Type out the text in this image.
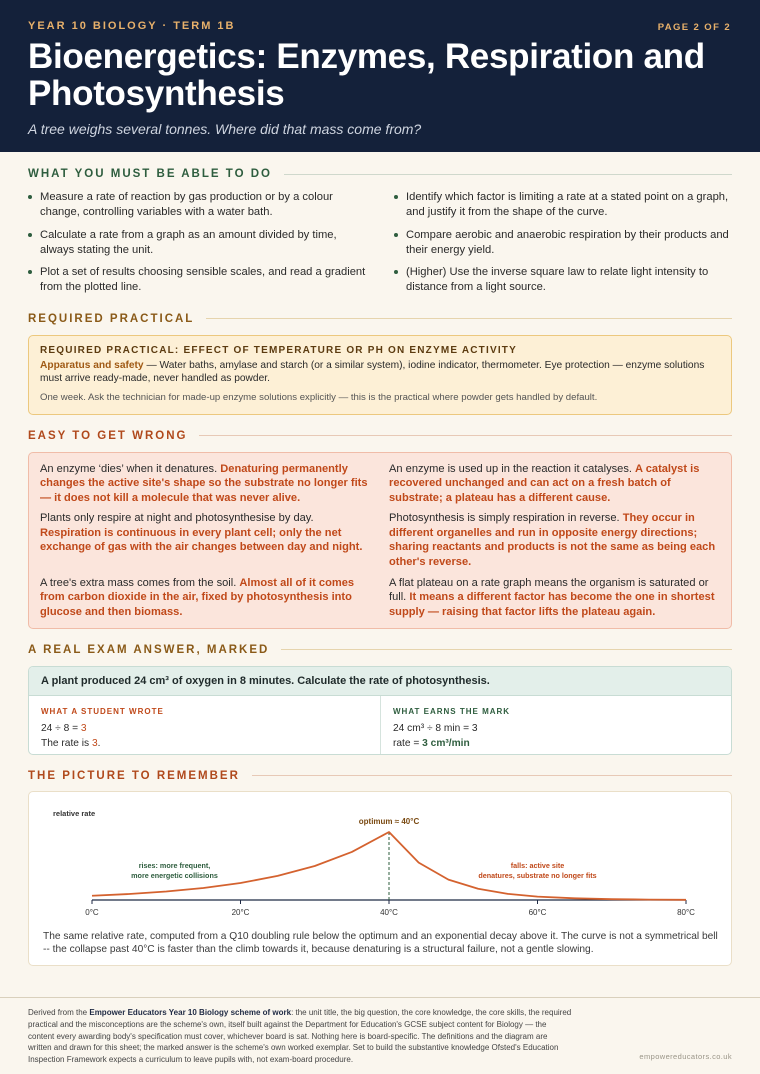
YEAR 10 BIOLOGY · TERM 1B	PAGE 2 OF 2
Bioenergetics: Enzymes, Respiration and Photosynthesis
A tree weighs several tonnes. Where did that mass come from?
WHAT YOU MUST BE ABLE TO DO
Measure a rate of reaction by gas production or by a colour change, controlling variables with a water bath.
Identify which factor is limiting a rate at a stated point on a graph, and justify it from the shape of the curve.
Calculate a rate from a graph as an amount divided by time, always stating the unit.
Compare aerobic and anaerobic respiration by their products and their energy yield.
Plot a set of results choosing sensible scales, and read a gradient from the plotted line.
(Higher) Use the inverse square law to relate light intensity to distance from a light source.
REQUIRED PRACTICAL
REQUIRED PRACTICAL: EFFECT OF TEMPERATURE OR PH ON ENZYME ACTIVITY
Apparatus and safety — Water baths, amylase and starch (or a similar system), iodine indicator, thermometer. Eye protection — enzyme solutions must arrive ready-made, never handled as powder.
One week. Ask the technician for made-up enzyme solutions explicitly — this is the practical where powder gets handled by default.
EASY TO GET WRONG
An enzyme ‘dies’ when it denatures. Denaturing permanently changes the active site's shape so the substrate no longer fits — it does not kill a molecule that was never alive.
An enzyme is used up in the reaction it catalyses. A catalyst is recovered unchanged and can act on a fresh batch of substrate; a plateau has a different cause.
Plants only respire at night and photosynthesise by day. Respiration is continuous in every plant cell; only the net exchange of gas with the air changes between day and night.
Photosynthesis is simply respiration in reverse. They occur in different organelles and run in opposite energy directions; sharing reactants and products is not the same as being each other's reverse.
A tree's extra mass comes from the soil. Almost all of it comes from carbon dioxide in the air, fixed by photosynthesis into glucose and then biomass.
A flat plateau on a rate graph means the organism is saturated or full. It means a different factor has become the one in shortest supply — raising that factor lifts the plateau again.
A REAL EXAM ANSWER, MARKED
A plant produced 24 cm³ of oxygen in 8 minutes. Calculate the rate of photosynthesis.
WHAT A STUDENT WROTE
24 ÷ 8 = 3
The rate is 3.
WHAT EARNS THE MARK
24 cm³ ÷ 8 min = 3
rate = 3 cm³/min
THE PICTURE TO REMEMBER
relative rate
0°C	20°C	40°C	60°C	80°C
optimum ≈ 40°C
rises: more frequent,
more energetic collisions
falls: active site
denatures, substrate no longer fits
The same relative rate, computed from a Q10 doubling rule below the optimum and an exponential decay above it. The curve is not a symmetrical bell -- the collapse past 40°C is faster than the climb towards it, because denaturing is a structural failure, not a gentle slowing.
Derived from the Empower Educators Year 10 Biology scheme of work: the unit title, the big question, the core knowledge, the core skills, the required practical and the misconceptions are the scheme's own, itself built against the Department for Education's GCSE subject content for Biology — the content every awarding body's specification must cover, whichever board is sat. Nothing here is board-specific. The definitions and the diagram are written and drawn for this sheet; the marked answer is the scheme's own worked exemplar. Set to build the substantive knowledge Ofsted's Education Inspection Framework expects a curriculum to leave pupils with, not exam-board procedure.	empowereducators.co.uk
